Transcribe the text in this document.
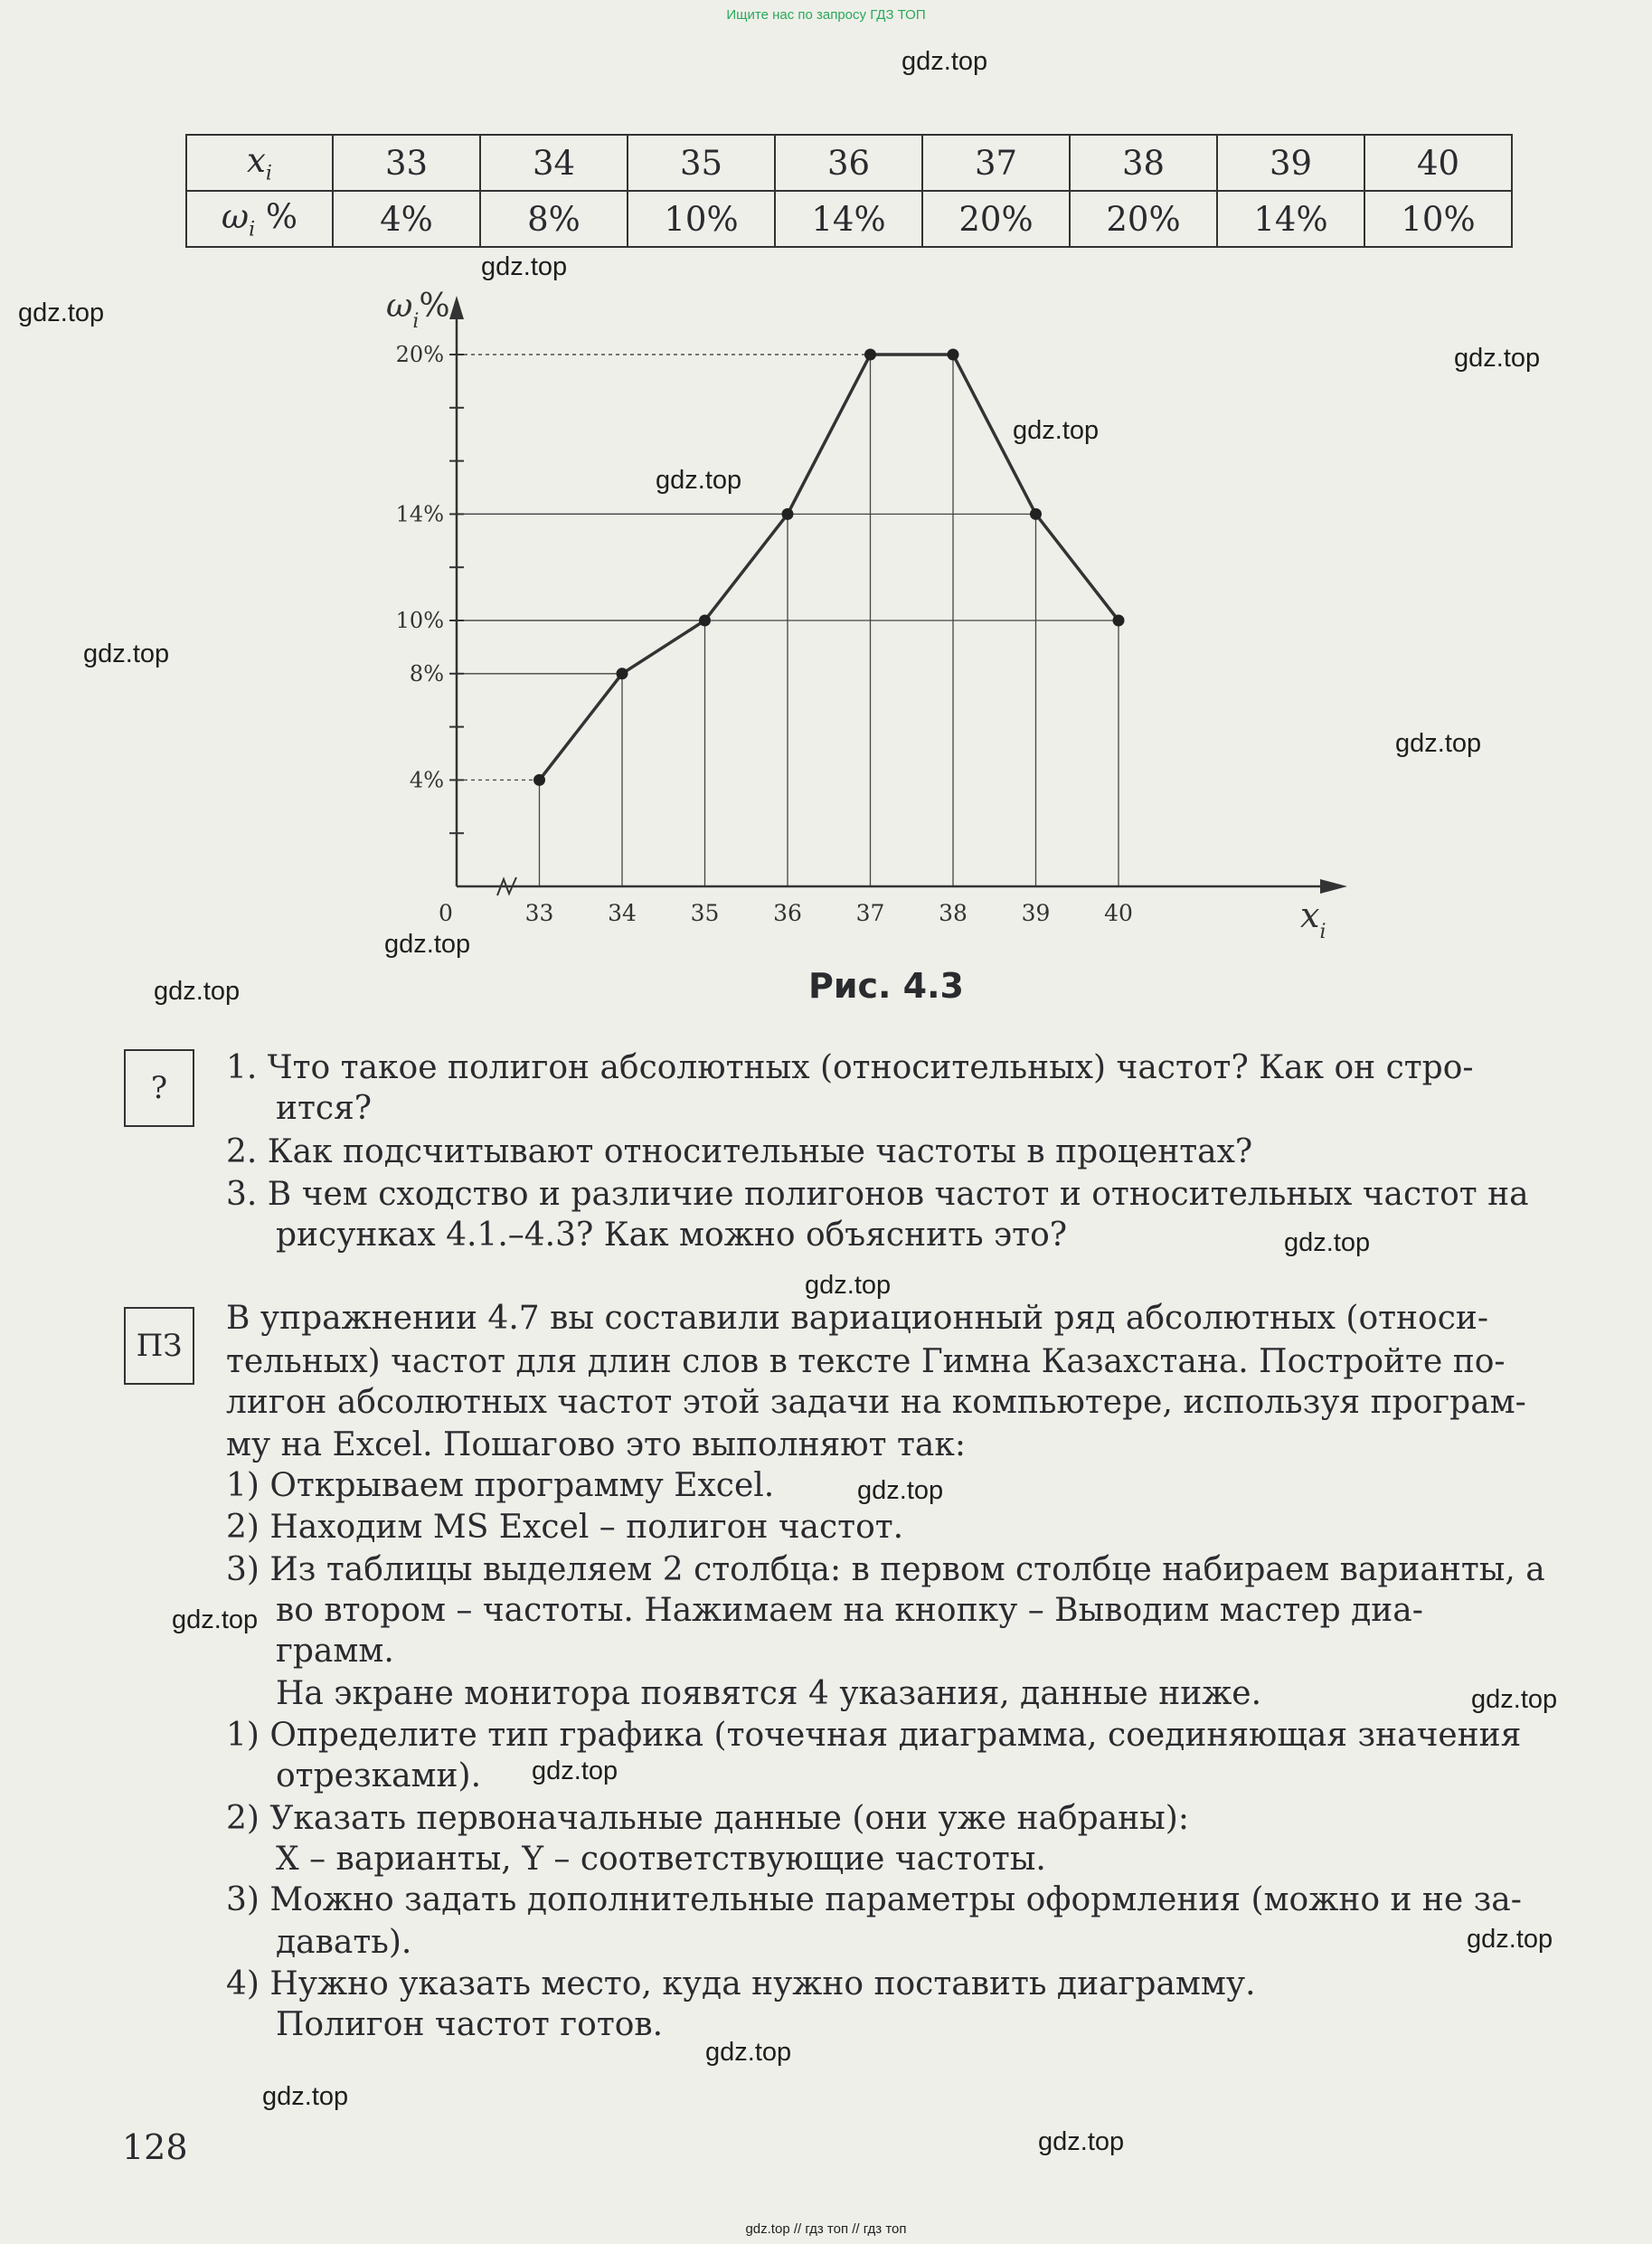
Ищите нас по запросу ГДЗ ТОП
$x_i$	33	34	35	36	37	38	39	40
$\omega_i$ %	4%	8%	10%	14%	20%	20%	14%	10%
20%
14%
10%
8%
4%
33 34 35 36 37 38 39 40
0
$\omega_i\%$
$x_i$
Рис. 4.3
?
1. Что такое полигон абсолютных (относительных) частот? Как он стро-
ится?
2. Как подсчитывают относительные частоты в процентах?
3. В чем сходство и различие полигонов частот и относительных частот на
рисунках 4.1.–4.3? Как можно объяснить это?
ПЗ
В упражнении 4.7 вы составили вариационный ряд абсолютных (относи-
тельных) частот для длин слов в тексте Гимна Казахстана. Постройте по-
лигон абсолютных частот этой задачи на компьютере, используя програм-
му на Excel. Пошагово это выполняют так:
1) Открываем программу Excel.
2) Находим MS Excel – полигон частот.
3) Из таблицы выделяем 2 столбца: в первом столбце набираем варианты, а
во втором – частоты. Нажимаем на кнопку – Выводим мастер диа-
грамм.
На экране монитора появятся 4 указания, данные ниже.
1) Определите тип графика (точечная диаграмма, соединяющая значения
отрезками).
2) Указать первоначальные данные (они уже набраны):
X – варианты, Y – соответствующие частоты.
3) Можно задать дополнительные параметры оформления (можно и не за-
давать).
4) Нужно указать место, куда нужно поставить диаграмму.
Полигон частот готов.
128
gdz.top
gdz.top
gdz.top
gdz.top
gdz.top
gdz.top
gdz.top
gdz.top
gdz.top
gdz.top
gdz.top
gdz.top
gdz.top
gdz.top
gdz.top
gdz.top
gdz.top
gdz.top
gdz.top
gdz.top
gdz.top // гдз топ // гдз топ
